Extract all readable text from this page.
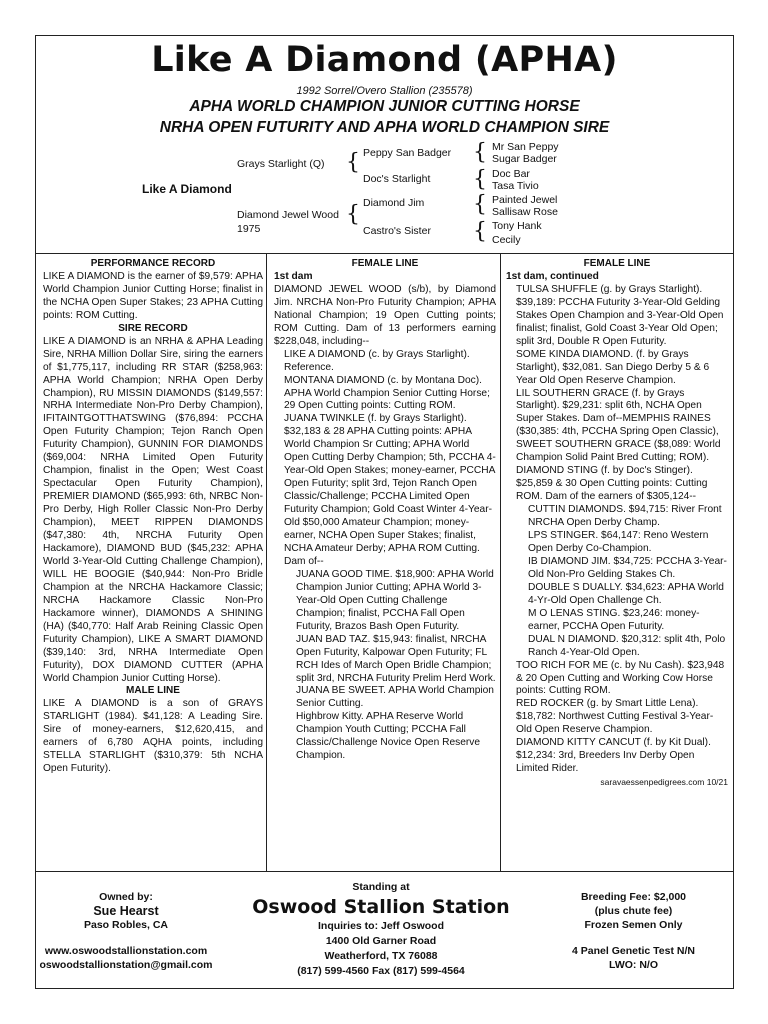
Like A Diamond (APHA)
1992 Sorrel/Overo Stallion (235578)
APHA WORLD CHAMPION JUNIOR CUTTING HORSE
NRHA OPEN FUTURITY AND APHA WORLD CHAMPION SIRE
Like A Diamond
Grays Starlight (Q)
Diamond Jewel Wood
1975
{
{
Peppy San Badger
Doc's Starlight
Diamond Jim
Castro's Sister
{
{
{
{
Mr San Peppy
Sugar Badger
Doc Bar
Tasa Tivio
Painted Jewel
Sallisaw Rose
Tony Hank
Cecily

PERFORMANCE RECORD

LIKE A DIAMOND is the earner of $9,579: APHA World Champion Junior Cutting Horse; finalist in the NCHA Open Super Stakes; 23 APHA Cutting points: ROM Cutting.

SIRE RECORD

LIKE A DIAMOND is an NRHA & APHA Leading Sire, NRHA Million Dollar Sire, siring the earners of $1,775,117, including RR STAR ($258,963: APHA World Champion; NRHA Open Derby Champion), RU MISSIN DIAMONDS ($149,557: NRHA Intermediate Non-Pro Derby Champion), IFITAINTGOTTHATSWING ($76,894: PCCHA Open Futurity Champion; Tejon Ranch Open Futurity Champion), GUNNIN FOR DIAMONDS ($69,004: NRHA Limited Open Futurity Champion, finalist in the Open; West Coast Spectacular Open Futurity Champion), PREMIER DIAMOND ($65,993: 6th, NRBC Non-Pro Derby, High Roller Classic Non-Pro Derby Champion), MEET RIPPEN DIAMONDS ($47,380: 4th, NRCHA Futurity Open Hackamore), DIAMOND BUD ($45,232: APHA World 3-Year-Old Cutting Challenge Champion), WILL HE BOOGIE ($40,944: Non-Pro Bridle Champion at the NRCHA Hackamore Classic; NRCHA Hackamore Classic Non-Pro Hackamore winner), DIAMONDS A SHINING (HA) ($40,770: Half Arab Reining Classic Open Futurity Champion), LIKE A SMART DIAMOND ($39,140: 3rd, NRHA Intermediate Open Futurity), DOX DIAMOND CUTTER (APHA World Champion Junior Cutting Horse).

MALE LINE

LIKE A DIAMOND is a son of GRAYS STARLIGHT (1984). $41,128: A Leading Sire. Sire of money-earners, $12,620,415, and earners of 6,780 AQHA points, including STELLA STARLIGHT ($310,379: 5th NCHA Open Futurity).

FEMALE LINE

1st dam

DIAMOND JEWEL WOOD (s/b), by Diamond Jim. NRCHA Non-Pro Futurity Champion; APHA National Champion; 19 Open Cutting points; ROM Cutting. Dam of 13 performers earning $228,048, including--

LIKE A DIAMOND (c. by Grays Starlight). Reference.

MONTANA DIAMOND (c. by Montana Doc). APHA World Champion Senior Cutting Horse; 29 Open Cutting points: Cutting ROM.

JUANA TWINKLE (f. by Grays Starlight). $32,183 & 28 APHA Cutting points: APHA World Champion Sr Cutting; APHA World Open Cutting Derby Champion; 5th, PCCHA 4-Year-Old Open Stakes; money-earner, PCCHA Open Futurity; split 3rd, Tejon Ranch Open Classic/Challenge; PCCHA Limited Open Futurity Champion; Gold Coast Winter 4-Year-Old $50,000 Amateur Champion; money-earner, NCHA Open Super Stakes; finalist, NCHA Amateur Derby; APHA ROM Cutting. Dam of--

JUANA GOOD TIME. $18,900: APHA World Champion Junior Cutting; APHA World 3-Year-Old Open Cutting Challenge Champion; finalist, PCCHA Fall Open Futurity, Brazos Bash Open Futurity.

JUAN BAD TAZ. $15,943: finalist, NRCHA Open Futurity, Kalpowar Open Futurity; FL RCH Ides of March Open Bridle Champion; split 3rd, NRCHA Futurity Prelim Herd Work.

JUANA BE SWEET. APHA World Champion Senior Cutting.

Highbrow Kitty. APHA Reserve World Champion Youth Cutting; PCCHA Fall Classic/Challenge Novice Open Reserve Champion.

FEMALE LINE

1st dam, continued

TULSA SHUFFLE (g. by Grays Starlight). $39,189: PCCHA Futurity 3-Year-Old Gelding Stakes Open Champion and 3-Year-Old Open finalist; finalist, Gold Coast 3-Year Old Open; split 3rd, Double R Open Futurity.

SOME KINDA DIAMOND. (f. by Grays Starlight), $32,081. San Diego Derby 5 & 6 Year Old Open Reserve Champion.

LIL SOUTHERN GRACE (f. by Grays Starlight). $29,231: split 6th, NCHA Open Super Stakes. Dam of--MEMPHIS RAINES ($30,385: 4th, PCCHA Spring Open Classic), SWEET SOUTHERN GRACE ($8,089: World Champion Solid Paint Bred Cutting; ROM).

DIAMOND STING (f. by Doc's Stinger). $25,859 & 30 Open Cutting points: Cutting ROM. Dam of the earners of $305,124--

CUTTIN DIAMONDS. $94,715: River Front NRCHA Open Derby Champ.

LPS STINGER. $64,147: Reno Western Open Derby Co-Champion.

IB DIAMOND JIM. $34,725: PCCHA 3-Year-Old Non-Pro Gelding Stakes Ch.

DOUBLE S DUALLY. $34,623: APHA World 4-Yr-Old Open Challenge Ch.

M O LENAS STING. $23,246: money-earner, PCCHA Open Futurity.

DUAL N DIAMOND. $20,312: split 4th, Polo Ranch 4-Year-Old Open.

TOO RICH FOR ME (c. by Nu Cash). $23,948 & 20 Open Cutting and Working Cow Horse points: Cutting ROM.

RED ROCKER (g. by Smart Little Lena). $18,782: Northwest Cutting Festival 3-Year-Old Open Reserve Champion.

DIAMOND KITTY CANCUT (f. by Kit Dual). $12,234: 3rd, Breeders Inv Derby Open Limited Rider.

saravaessenpedigrees.com 10/21

Owned by:
Sue Hearst
Paso Robles, CA
www.oswoodstallionstation.com
oswoodstallionstation@gmail.com
Standing at
Oswood Stallion Station
Inquiries to: Jeff Oswood
1400 Old Garner Road
Weatherford, TX 76088
(817) 599-4560 Fax (817) 599-4564
Breeding Fee: $2,000
(plus chute fee)
Frozen Semen Only
4 Panel Genetic Test N/N
LWO: N/O
